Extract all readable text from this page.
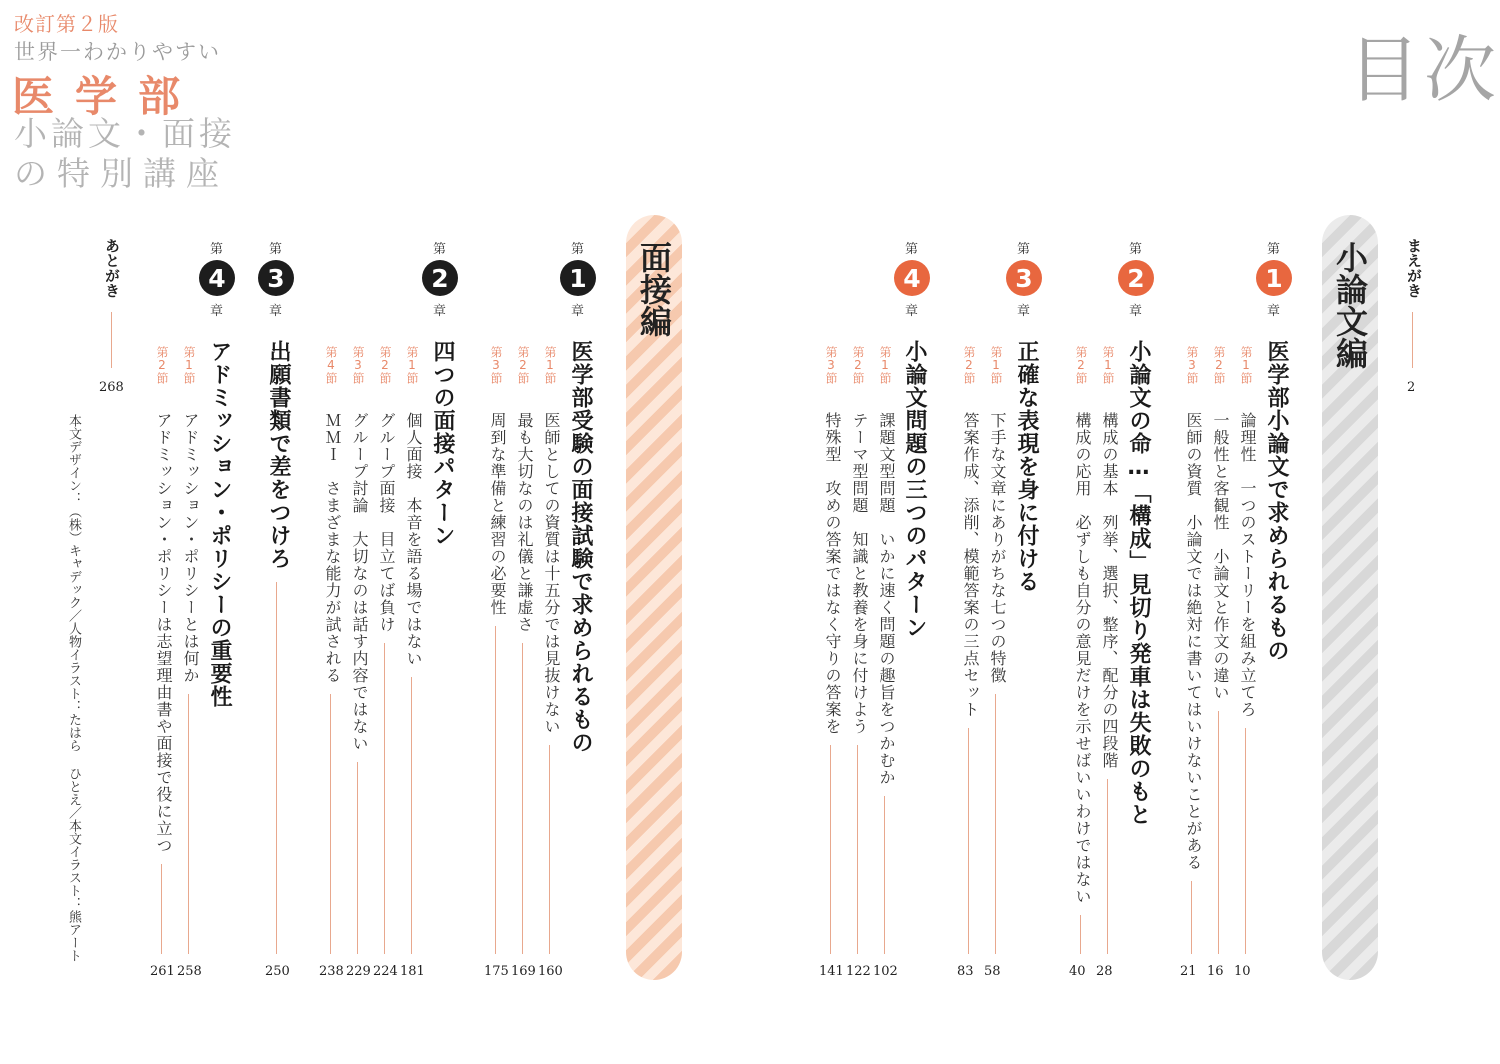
改訂第２版
世界一わかりやすい
医学部
小論文・面接
の特別講座
目次
まえがき
2
小論文編
面接編	第
1
章
医学部小論文で求められるもの
第1節
論理性　一つのストーリーを組み立てろ
10
第2節
一般性と客観性　小論文と作文の違い
16
第3節
医師の資質　小論文では絶対に書いてはいけないことがある
21
第
2
章
小論文の命…「構成」見切り発車は失敗のもと
第1節
構成の基本　列挙、選択、整序、配分の四段階
28
第2節
構成の応用　必ずしも自分の意見だけを示せばいいわけではない
40
第
3
章
正確な表現を身に付ける
第1節
下手な文章にありがちな七つの特徴
58
第2節
答案作成、添削、模範答案の三点セット
83
第
4
章
小論文問題の三つのパターン
第1節
課題文型問題　いかに速く問題の趣旨をつかむか
102
第2節
テーマ型問題　知識と教養を身に付けよう
122
第3節
特殊型　攻めの答案ではなく守りの答案を
141
第
1
章
医学部受験の面接試験で求められるもの
第1節
医師としての資質は十五分では見抜けない
160
第2節
最も大切なのは礼儀と謙虚さ
169
第3節
周到な準備と練習の必要性
175
第
2
章
四つの面接パターン
第1節
個人面接　本音を語る場ではない
181
第2節
グループ面接　目立てば負け
224
第3節
グループ討論　大切なのは話す内容ではない
229
第4節
ＭＭＩ　さまざまな能力が試される
238
第
3
章
出願書類で差をつけろ
250
第
4
章
アドミッション・ポリシーの重要性
第1節
アドミッション・ポリシーとは何か
258
第2節
アドミッション・ポリシーは志望理由書や面接で役に立つ
261
あとがき
268
本文デザイン：（株）キャデック／人物イラスト：たはら ひとえ／本文イラスト：熊アート
